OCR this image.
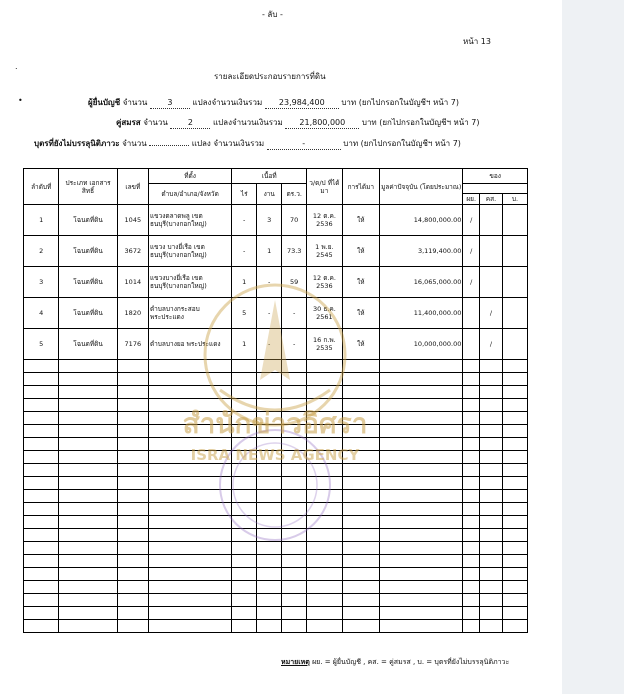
- ลับ -
หน้า 13
.
รายละเอียดประกอบรายการที่ดิน
•	ผู้ยื่นบัญชี จำนวน	3	แปลงจำนวนเงินรวม 23,984,400 บาท (ยกไปกรอกในบัญชีฯ หน้า 7)
คู่สมรส จำนวน	2	แปลงจำนวนเงินรวม 21,800,000 บาท (ยกไปกรอกในบัญชีฯ หน้า 7)
บุตรที่ยังไม่บรรลุนิติภาวะ จำนวน	แปลง จำนวนเงินรวม	-	บาท (ยกไปกรอกในบัญชีฯ หน้า 7)
ลำดับที่	ประเภท เอกสารสิทธิ์	เลขที่	ที่ตั้ง	เนื้อที่			ว/ด/ป ที่ได้มา	การได้มา	มูลค่าปัจจุบัน (โดยประมาณ)	ของ		
			ตำบล/อำเภอ/จังหวัด	ไร่	งาน	ตร.ว.						
										ผย.	คส.	บ.
1	โฉนดที่ดิน	1045	แขวงตลาดพลู เขต ธนบุรี(บางกอกใหญ่)	-	3	70	12 ต.ค. 2536	ให้	14,800,000.00	/		
2	โฉนดที่ดิน	3672	แขวง บางยี่เรือ เขต ธนบุรี(บางกอกใหญ่)	-	1	73.3	1 พ.ย. 2545	ให้	3,119,400.00	/		
3	โฉนดที่ดิน	1014	แขวงบางยี่เรือ เขต ธนบุรี(บางกอกใหญ่)	1	-	59	12 ต.ค. 2536	ให้	16,065,000.00	/		
4	โฉนดที่ดิน	1820	ตำบลบางกระสอบ พระประแดง	5	-	-	30 ธ.ค. 2561	ให้	11,400,000.00		/	
5	โฉนดที่ดิน	7176	ตำบลบางยอ พระประแดง	1	-	-	16 ก.พ. 2535	ให้	10,000,000.00		/	

สำนักข่าวอิศรา
ISRA NEWS AGENCY
หมายเหตุ ผย. = ผู้ยื่นบัญชี , คส. = คู่สมรส , บ. = บุตรที่ยังไม่บรรลุนิติภาวะ
